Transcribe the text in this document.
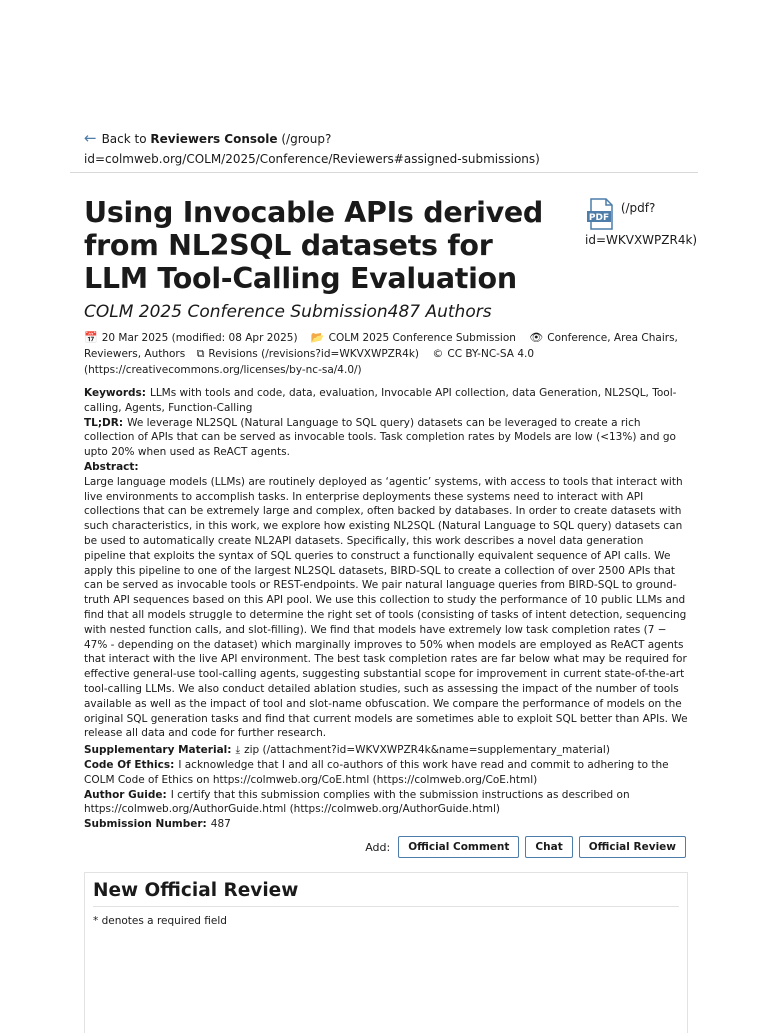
← Back to Reviewers Console (/group?id=colmweb.org/COLM/2025/Conference/Reviewers#assigned-submissions)
Using Invocable APIs derived from NL2SQL datasets for LLM Tool-Calling Evaluation
PDF
(/pdf?id=WKVXWPZR4k)
COLM 2025 Conference Submission487 Authors
📅 20 Mar 2025 (modified: 08 Apr 2025) 📂 COLM 2025 Conference Submission 👁 Conference, Area Chairs, Reviewers, Authors ⧉ Revisions (/revisions?id=WKVXWPZR4k) © CC BY-NC-SA 4.0 (https://creativecommons.org/licenses/by-nc-sa/4.0/)
Keywords: LLMs with tools and code, data, evaluation, Invocable API collection, data Generation, NL2SQL, Tool-calling, Agents, Function-Calling
TL;DR: We leverage NL2SQL (Natural Language to SQL query) datasets can be leveraged to create a rich collection of APIs that can be served as invocable tools. Task completion rates by Models are low (<13%) and go upto 20% when used as ReACT agents.
Abstract:
Large language models (LLMs) are routinely deployed as ‘agentic’ systems, with access to tools that interact with live environments to accomplish tasks. In enterprise deployments these systems need to interact with API collections that can be extremely large and complex, often backed by databases. In order to create datasets with such characteristics, in this work, we explore how existing NL2SQL (Natural Language to SQL query) datasets can be used to automatically create NL2API datasets. Specifically, this work describes a novel data generation pipeline that exploits the syntax of SQL queries to construct a functionally equivalent sequence of API calls. We apply this pipeline to one of the largest NL2SQL datasets, BIRD-SQL to create a collection of over 2500 APIs that can be served as invocable tools or REST-endpoints. We pair natural language queries from BIRD-SQL to ground-truth API sequences based on this API pool. We use this collection to study the performance of 10 public LLMs and find that all models struggle to determine the right set of tools (consisting of tasks of intent detection, sequencing with nested function calls, and slot-filling). We find that models have extremely low task completion rates (7 − 47% - depending on the dataset) which marginally improves to 50% when models are employed as ReACT agents that interact with the live API environment. The best task completion rates are far below what may be required for effective general-use tool-calling agents, suggesting substantial scope for improvement in current state-of-the-art tool-calling LLMs. We also conduct detailed ablation studies, such as assessing the impact of the number of tools available as well as the impact of tool and slot-name obfuscation. We compare the performance of models on the original SQL generation tasks and find that current models are sometimes able to exploit SQL better than APIs. We release all data and code for further research.
Supplementary Material: ⤓ zip (/attachment?id=WKVXWPZR4k&name=supplementary_material)
Code Of Ethics: I acknowledge that I and all co-authors of this work have read and commit to adhering to the COLM Code of Ethics on https://colmweb.org/CoE.html (https://colmweb.org/CoE.html)
Author Guide: I certify that this submission complies with the submission instructions as described on https://colmweb.org/AuthorGuide.html (https://colmweb.org/AuthorGuide.html)
Submission Number: 487
Add:	Official Comment	Chat	Official Review
New Official Review
* denotes a required field
